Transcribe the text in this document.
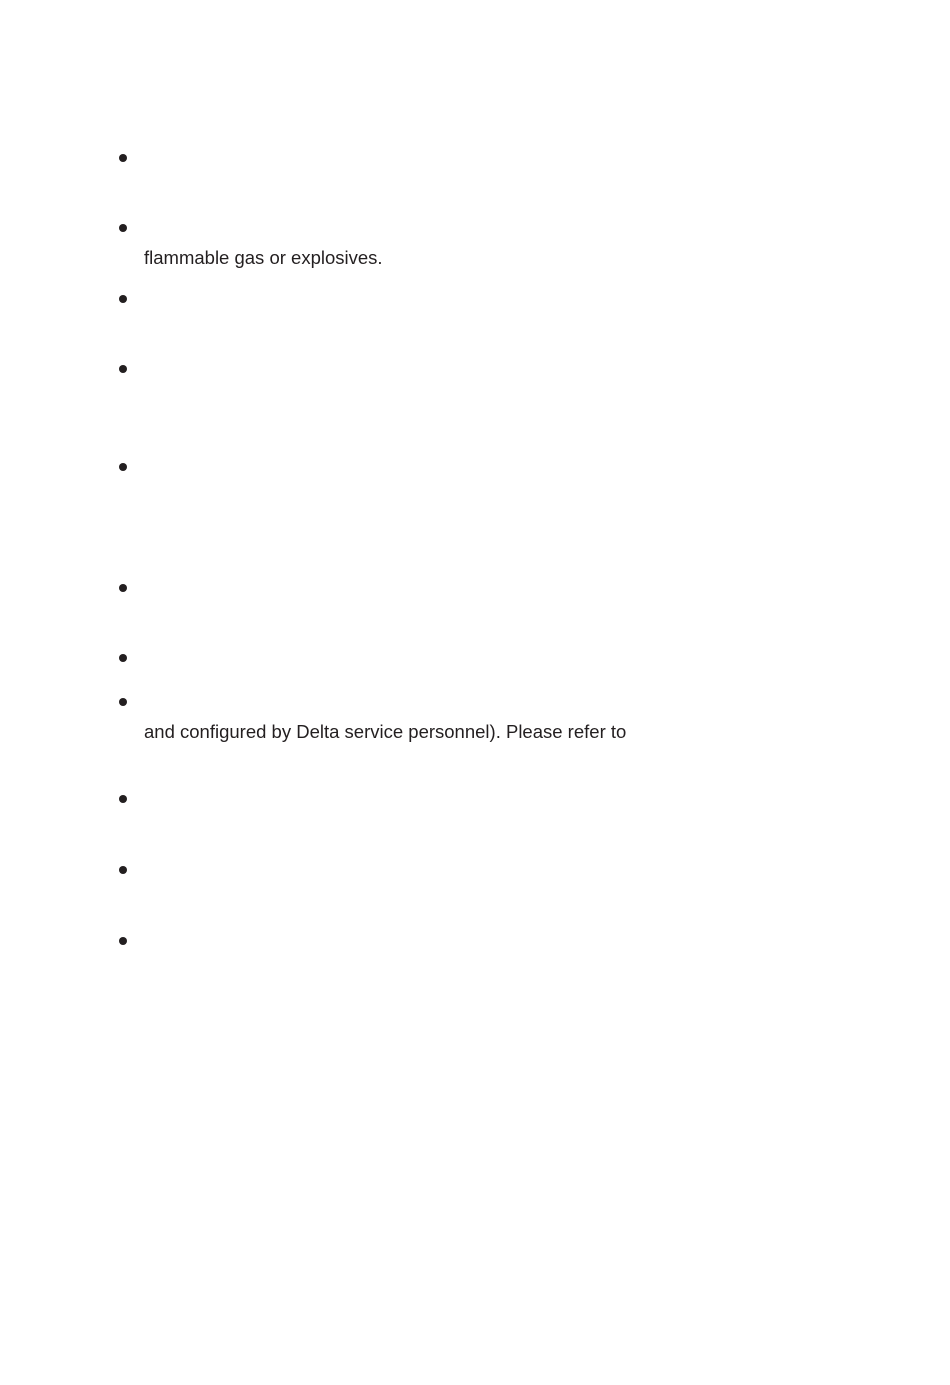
flammable gas or explosives.
and configured by Delta service personnel). Please refer to
